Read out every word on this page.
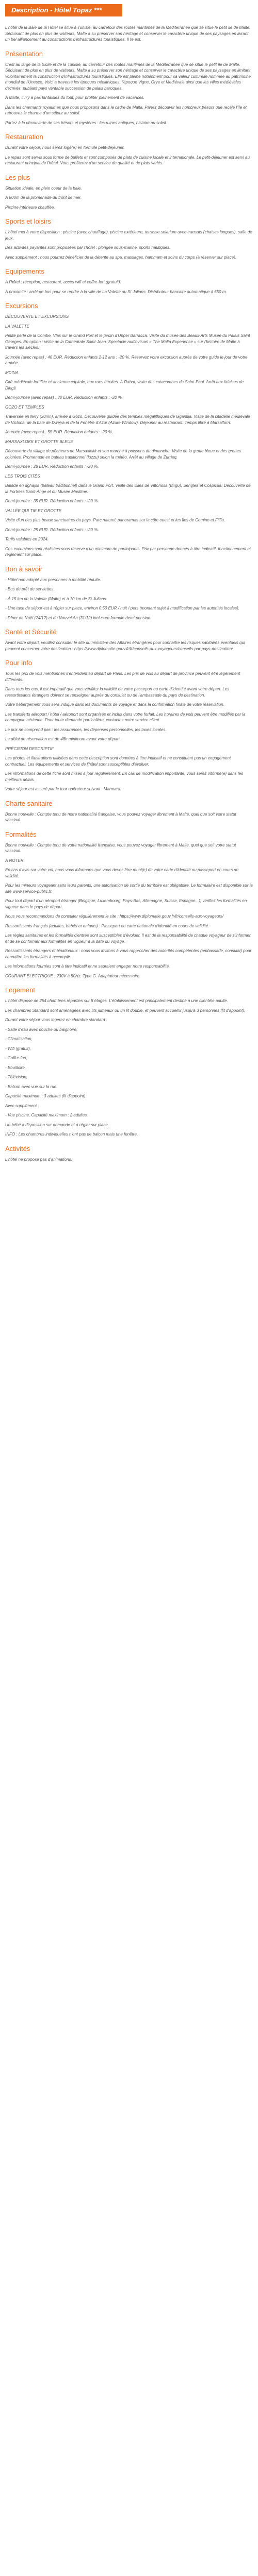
Description - Hôtel Topaz ***

L'hôtel de la Baie de la Hôtel se situe à Tunisie, au carrefour des routes maritimes de la Méditerranée que se situe le petit île de Malte. Séduisant de plus en plus de visiteurs, Malte a su préserver son héritage et conserver le caractère unique de ses paysages en livrant un bel alliancement au constructions d'infrastructures touristiques. Il te est.

Présentation

C'est au large de la Sicile et de la Tunisie, au carrefour des routes maritimes de la Méditerranée que se situe le petit île de Malte. Séduisant de plus en plus de visiteurs, Malte a su préserver son héritage et conserver le caractère unique de ses paysages en limitant volontairement la construction d'infrastructures touristiques. Elle est pleine notamment pour sa valeur culturelle nommée au patrimoine mondial de l'Unesco. Voici a traversé les époques néolithiques, l'époque Vigne, Orye et Mediévale ainsi que les villes médiévales décrivés, publiant pays véritable succession de palais baroques.

À Malte, il n'y a pas fantaisies du tout, pour profiter pleinement de vacances.

Dans les charmants royaumes que nous proposons dans le cadre de Malta, Partez découvrir les nombreux trésors que recèle l'île et retrouvez le charme d'un séjour au soleil.

Partez à la découverte de ses trésors et mystères : les ruines antiques, histoire au soleil.

Restauration

Durant votre séjour, nous serez logé(e) en formule petit-déjeuner.

Le repas sont servis sous forme de buffets et sont composés de plats de cuisine locale et internationale. Le petit-déjeuner est servi au restaurant principal de l'hôtel. Vous profiterez d'un service de qualité et de plats variés.

Les plus

Situation idéale, en plein coeur de la baie.

À 800m de la promenade du front de mer.

Piscine intérieure chauffée.

Sports et loisirs

L'hôtel met à votre disposition : piscine (avec chauffage), piscine extérieure, terrasse solarium avec transats (chaises longues), salle de jeux.

Des activités payantes sont proposées par l'hôtel : plongée sous-marine, sports nautiques.

Avec supplément : nous pourrez bénéficier de la détente au spa, massages, hammam et soins du corps (à réserver sur place).

Equipements

À l'hôtel : réception, restaurant, accès wifi et coffre-fort (gratuit).

À proximité : arrêt de bus pour se rendre à la ville de La Valette ou St Julians. Distributeur bancaire automatique à 650 m.

Excursions

DÉCOUVERTE ET EXCURSIONS

LA VALETTE

Petite perle de la Combe, Vlas sur le Grand Port et le jardin d'Upper Barracca. Visite du musée des Beaux-Arts Musée du Palais Saint Georges. En option : visite de la Cathédrale Saint-Jean. Spectacle audiovisuel « The Malta Experience » sur l'histoire de Malte à travers les siècles.

Journée (avec repas) : 40 EUR. Réduction enfants 2-12 ans : -20 %. Réservez votre excursion auprès de votre guide le jour de votre arrivée.

MDINA

Cité médiévale fortifiée et ancienne capitale, aux rues étroites. À Rabat, visite des catacombes de Saint-Paul. Arrêt aux falaises de Dingli.

Demi-journée (avec repas) : 30 EUR. Réduction enfants : -20 %.

GOZO ET TEMPLES

Traversée en ferry (20mn), arrivée à Gozo. Découverte guidée des temples mégalithiques de Ggantija. Visite de la citadelle médiévale de Victoria, de la baie de Dwejra et de la Fenêtre d'Azur (Azure Window). Déjeuner au restaurant. Temps libre à Marsalforn.

Journée (avec repas) : 55 EUR. Réduction enfants : -20 %.

MARSAXLOKK ET GROTTE BLEUE

Découverte du village de pêcheurs de Marsaxlokk et son marché à poissons du dimanche. Visite de la grotte bleue et des grottes colorées. Promenade en bateau traditionnel (luzzu) selon la météo. Arrêt au village de Zurrieq.

Demi-journée : 28 EUR. Réduction enfants : -20 %.

LES TROIS CITÉS

Balade en dgħajsa (bateau traditionnel) dans le Grand Port. Visite des villes de Vittoriosa (Birgu), Senglea et Cospicua. Découverte de la Fortress Saint-Ange et du Musée Maritime.

Demi-journée : 35 EUR. Réduction enfants : -20 %.

VALLÉE QUI TIE ET GROTTE

Visite d'un des plus beaux sanctuaires du pays. Parc naturel, panoramas sur la côte ouest et les îles de Comino et Filfla.

Demi-journée : 25 EUR. Réduction enfants : -20 %.

Tarifs valables en 2024.

Ces excursions sont réalisées sous réserve d'un minimum de participants. Prix par personne donnés à titre indicatif, fonctionnement et règlement sur place.

Bon à savoir

- Hôtel non adapté aux personnes à mobilité réduite.

- Bus de prêt de serviettes.

- À 15 km de la Valette (Malte) et à 10 km de St Julians.

- Une taxe de séjour est à régler sur place, environ 0.50 EUR / nuit / pers (montant sujet à modification par les autorités locales).

- Dîner de Noël (24/12) et du Nouvel An (31/12) inclus en formule demi-pension.

Santé et Sécurité

Avant votre départ, veuillez consulter le site du ministère des Affaires étrangères pour connaître les risques sanitaires éventuels qui peuvent concerner votre destination : https://www.diplomatie.gouv.fr/fr/conseils-aux-voyageurs/conseils-par-pays-destination/

Pour info

Tous les prix de vols mentionnés s'entendent au départ de Paris. Les prix de vols au départ de province peuvent être légèrement différents.

Dans tous les cas, il est impératif que vous vérifiiez la validité de votre passeport ou carte d'identité avant votre départ. Les ressortissants étrangers doivent se renseigner auprès du consulat ou de l'ambassade du pays de destination.

Votre hébergement vous sera indiqué dans les documents de voyage et dans la confirmation finale de votre réservation.

Les transferts aéroport / hôtel / aéroport sont organisés et inclus dans votre forfait. Les horaires de vols peuvent être modifiés par la compagnie aérienne. Pour toute demande particulière, contactez notre service client.

Le prix ne comprend pas : les assurances, les dépenses personnelles, les taxes locales.

Le délai de réservation est de 48h minimum avant votre départ.

PRÉCISION DESCRIPTIF

Les photos et illustrations utilisées dans cette description sont données à titre indicatif et ne constituent pas un engagement contractuel. Les équipements et services de l'hôtel sont susceptibles d'évoluer.

Les informations de cette fiche sont mises à jour régulièrement. En cas de modification importante, vous serez informé(e) dans les meilleurs délais.

Votre séjour est assuré par le tour opérateur suivant : Marmara.

Charte sanitaire

Bonne nouvelle : Compte tenu de notre nationalité française, vous pouvez voyager librement à Malte, quel que soit votre statut vaccinal.

Formalités

Bonne nouvelle : Compte tenu de votre nationalité française, vous pouvez voyager librement à Malte, quel que soit votre statut vaccinal.

À NOTER

En cas d'avis sur votre vol, nous vous informons que vous devez être muni(e) de votre carte d'identité ou passeport en cours de validité.

Pour les mineurs voyageant sans leurs parents, une autorisation de sortie du territoire est obligatoire. Le formulaire est disponible sur le site www.service-public.fr.

Pour tout départ d'un aéroport étranger (Belgique, Luxembourg, Pays-Bas, Allemagne, Suisse, Espagne...), vérifiez les formalités en vigueur dans le pays de départ.

Nous vous recommandons de consulter régulièrement le site : https://www.diplomatie.gouv.fr/fr/conseils-aux-voyageurs/

Ressortissants français (adultes, bébés et enfants) : Passeport ou carte nationale d'identité en cours de validité.

Les règles sanitaires et les formalités d'entrée sont susceptibles d'évoluer. Il est de la responsabilité de chaque voyageur de s'informer et de se conformer aux formalités en vigueur à la date du voyage.

Ressortissants étrangers et binationaux : nous vous invitons à vous rapprocher des autorités compétentes (ambassade, consulat) pour connaître les formalités à accomplir.

Les informations fournies sont à titre indicatif et ne sauraient engager notre responsabilité.

COURANT ÉLECTRIQUE : 230V à 50Hz. Type G. Adaptateur nécessaire.

Logement

L'hôtel dispose de 254 chambres réparties sur 8 étages. L'établissement est principalement destiné à une clientèle adulte.

Les chambres Standard sont aménagées avec lits jumeaux ou un lit double, et peuvent accueillir jusqu'à 3 personnes (lit d'appoint).

Durant votre séjour vous logerez en chambre standard :

- Salle d'eau avec douche ou baignoire,

- Climatisation,

- Wifi (gratuit),

- Coffre-fort,

- Bouilloire,

- Télévision,

- Balcon avec vue sur la rue.

Capacité maximum : 3 adultes (lit d'appoint).

Avec supplément :

- Vue piscine. Capacité maximum : 2 adultes.

Un bébé a disposition sur demande et à régler sur place.

INFO : Les chambres individuelles n'ont pas de balcon mais une fenêtre.

Activités

L'hôtel ne propose pas d'animations.
